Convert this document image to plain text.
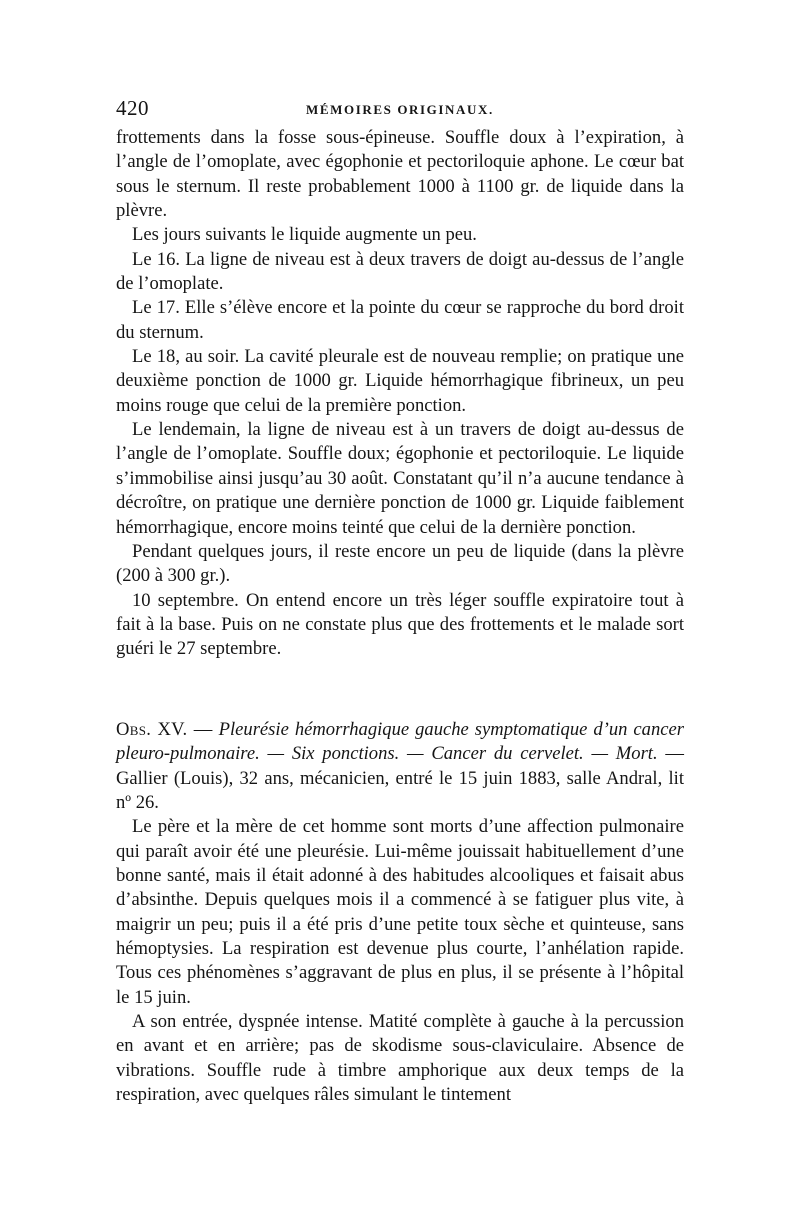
420	MÉMOIRES ORIGINAUX.

frottements dans la fosse sous-épineuse. Souffle doux à l’expiration, à l’angle de l’omoplate, avec égophonie et pectoriloquie aphone. Le cœur bat sous le sternum. Il reste probablement 1000 à 1100 gr. de liquide dans la plèvre.

Les jours suivants le liquide augmente un peu.

Le 16. La ligne de niveau est à deux travers de doigt au-dessus de l’angle de l’omoplate.

Le 17. Elle s’élève encore et la pointe du cœur se rapproche du bord droit du sternum.

Le 18, au soir. La cavité pleurale est de nouveau remplie; on pratique une deuxième ponction de 1000 gr. Liquide hémorrhagique fibrineux, un peu moins rouge que celui de la première ponction.

Le lendemain, la ligne de niveau est à un travers de doigt au-dessus de l’angle de l’omoplate. Souffle doux; égophonie et pectoriloquie. Le liquide s’immobilise ainsi jusqu’au 30 août. Constatant qu’il n’a aucune tendance à décroître, on pratique une dernière ponction de 1000 gr. Liquide faiblement hémorrhagique, encore moins teinté que celui de la dernière ponction.

Pendant quelques jours, il reste encore un peu de liquide (dans la plèvre (200 à 300 gr.).

10 septembre. On entend encore un très léger souffle expiratoire tout à fait à la base. Puis on ne constate plus que des frottements et le malade sort guéri le 27 septembre.

Obs. XV. — Pleurésie hémorrhagique gauche symptomatique d’un cancer pleuro-pulmonaire. — Six ponctions. — Cancer du cervelet. — Mort. — Gallier (Louis), 32 ans, mécanicien, entré le 15 juin 1883, salle Andral, lit nº 26.

Le père et la mère de cet homme sont morts d’une affection pulmonaire qui paraît avoir été une pleurésie. Lui-même jouissait habituellement d’une bonne santé, mais il était adonné à des habitudes alcooliques et faisait abus d’absinthe. Depuis quelques mois il a commencé à se fatiguer plus vite, à maigrir un peu; puis il a été pris d’une petite toux sèche et quinteuse, sans hémoptysies. La respiration est devenue plus courte, l’anhélation rapide. Tous ces phénomènes s’aggravant de plus en plus, il se présente à l’hôpital le 15 juin.

A son entrée, dyspnée intense. Matité complète à gauche à la percussion en avant et en arrière; pas de skodisme sous-claviculaire. Absence de vibrations. Souffle rude à timbre amphorique aux deux temps de la respiration, avec quelques râles simulant le tintement
